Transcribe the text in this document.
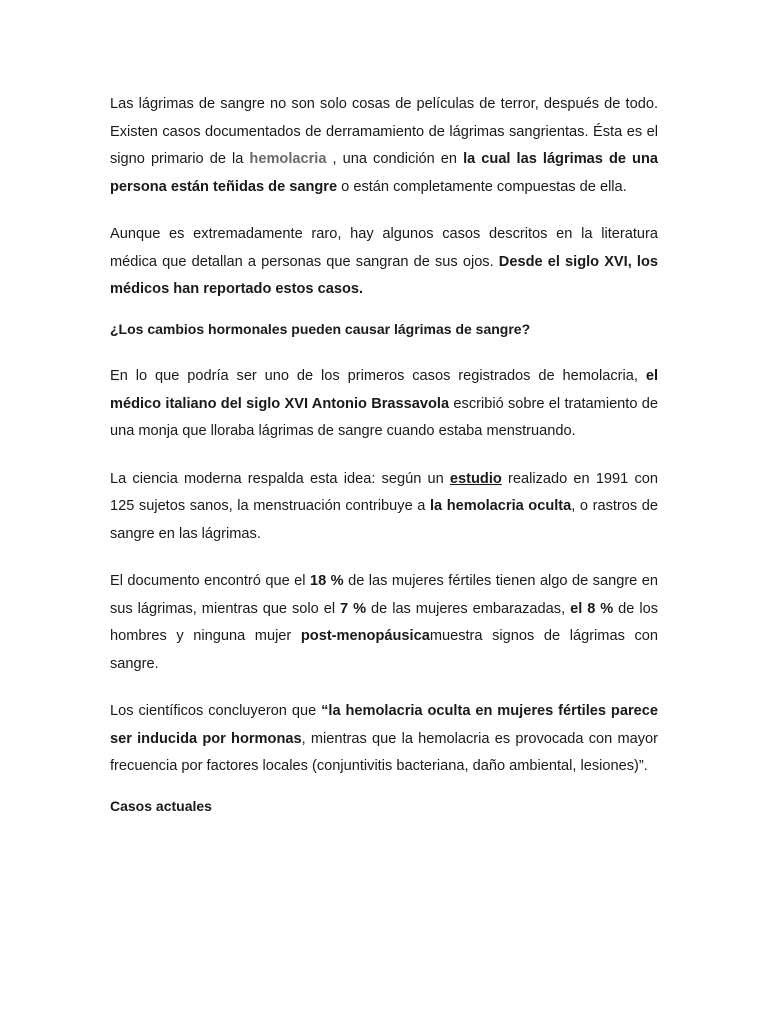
Las lágrimas de sangre no son solo cosas de películas de terror, después de todo. Existen casos documentados de derramamiento de lágrimas sangrientas. Ésta es el signo primario de la hemolacria , una condición en la cual las lágrimas de una persona están teñidas de sangre o están completamente compuestas de ella.

Aunque es extremadamente raro, hay algunos casos descritos en la literatura médica que detallan a personas que sangran de sus ojos. Desde el siglo XVI, los médicos han reportado estos casos.

¿Los cambios hormonales pueden causar lágrimas de sangre?

En lo que podría ser uno de los primeros casos registrados de hemolacria, el médico italiano del siglo XVI Antonio Brassavola escribió sobre el tratamiento de una monja que lloraba lágrimas de sangre cuando estaba menstruando.

La ciencia moderna respalda esta idea: según un estudio realizado en 1991 con 125 sujetos sanos, la menstruación contribuye a la hemolacria oculta, o rastros de sangre en las lágrimas.

El documento encontró que el 18 % de las mujeres fértiles tienen algo de sangre en sus lágrimas, mientras que solo el 7 % de las mujeres embarazadas, el 8 % de los hombres y ninguna mujer post-menopáusicamuestra signos de lágrimas con sangre.

Los científicos concluyeron que “la hemolacria oculta en mujeres fértiles parece ser inducida por hormonas, mientras que la hemolacria es provocada con mayor frecuencia por factores locales (conjuntivitis bacteriana, daño ambiental, lesiones)”.

Casos actuales
